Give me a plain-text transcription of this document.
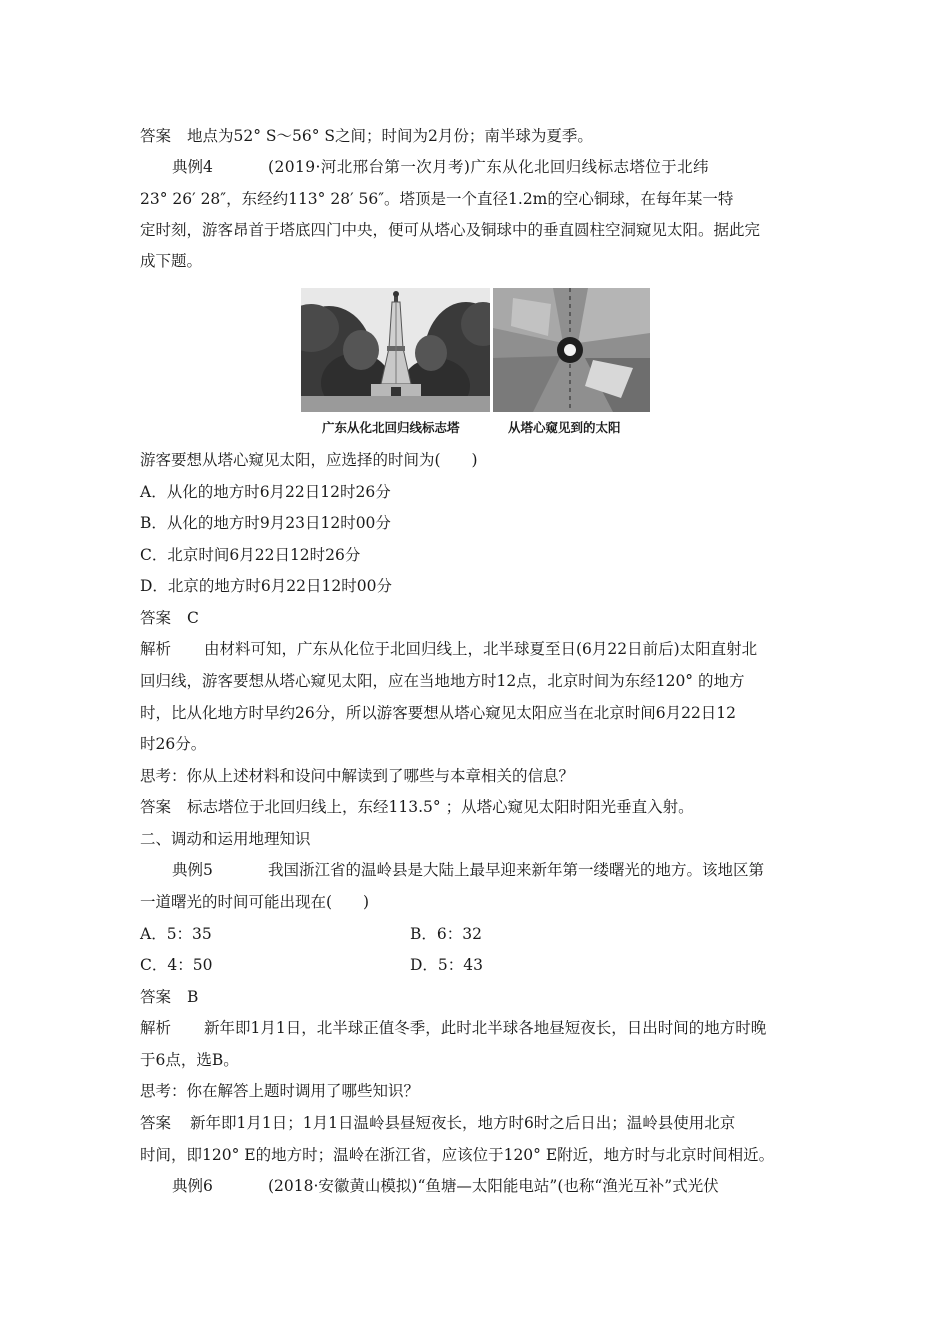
答案 地点为52° S～56° S之间；时间为2月份；南半球为夏季。
典例4	(2019·河北邢台第一次月考)广东从化北回归线标志塔位于北纬
23° 26′ 28″，东经约113° 28′ 56″。塔顶是一个直径1.2m的空心铜球，在每年某一特
定时刻，游客昂首于塔底四门中央，便可从塔心及铜球中的垂直圆柱空洞窥见太阳。据此完
成下题。
广东从化北回归线标志塔	从塔心窥见到的太阳
游客要想从塔心窥见太阳，应选择的时间为(　　)
A．从化的地方时6月22日12时26分
B．从化的地方时9月23日12时00分
C．北京时间6月22日12时26分
D．北京的地方时6月22日12时00分
答案 C
解析 由材料可知，广东从化位于北回归线上，北半球夏至日(6月22日前后)太阳直射北
回归线，游客要想从塔心窥见太阳，应在当地地方时12点，北京时间为东经120° 的地方
时，比从化地方时早约26分，所以游客要想从塔心窥见太阳应当在北京时间6月22日12
时26分。
思考：你从上述材料和设问中解读到了哪些与本章相关的信息？
答案 标志塔位于北回归线上，东经113.5° ；从塔心窥见太阳时阳光垂直入射。
二、调动和运用地理知识
典例5	我国浙江省的温岭县是大陆上最早迎来新年第一缕曙光的地方。该地区第
一道曙光的时间可能出现在(　　)
A．5：35	B．6：32
C．4：50	D．5：43
答案 B
解析 新年即1月1日，北半球正值冬季，此时北半球各地昼短夜长，日出时间的地方时晚
于6点，选B。
思考：你在解答上题时调用了哪些知识？
答案 新年即1月1日；1月1日温岭县昼短夜长，地方时6时之后日出；温岭县使用北京
时间，即120° E的地方时；温岭在浙江省，应该位于120° E附近，地方时与北京时间相近。
典例6	(2018·安徽黄山模拟)“鱼塘—太阳能电站”(也称“渔光互补”式光伏
